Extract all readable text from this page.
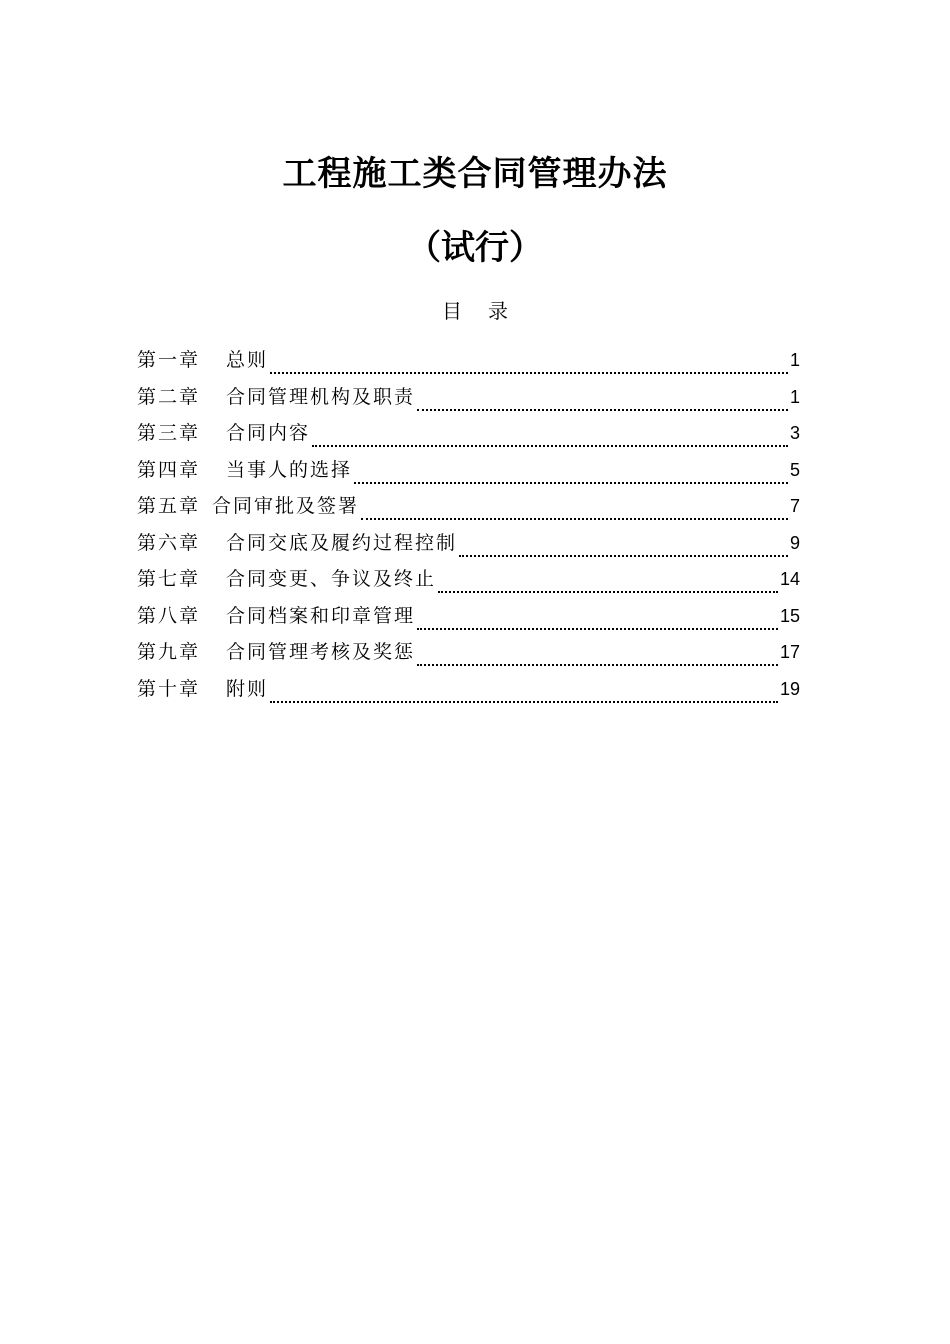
工程施工类合同管理办法
（试行）
目录
第一章 总则	1
第二章 合同管理机构及职责	1
第三章 合同内容	3
第四章 当事人的选择	5
第五章 合同审批及签署	7
第六章 合同交底及履约过程控制	9
第七章 合同变更、争议及终止	14
第八章 合同档案和印章管理	15
第九章 合同管理考核及奖惩	17
第十章 附则	19
